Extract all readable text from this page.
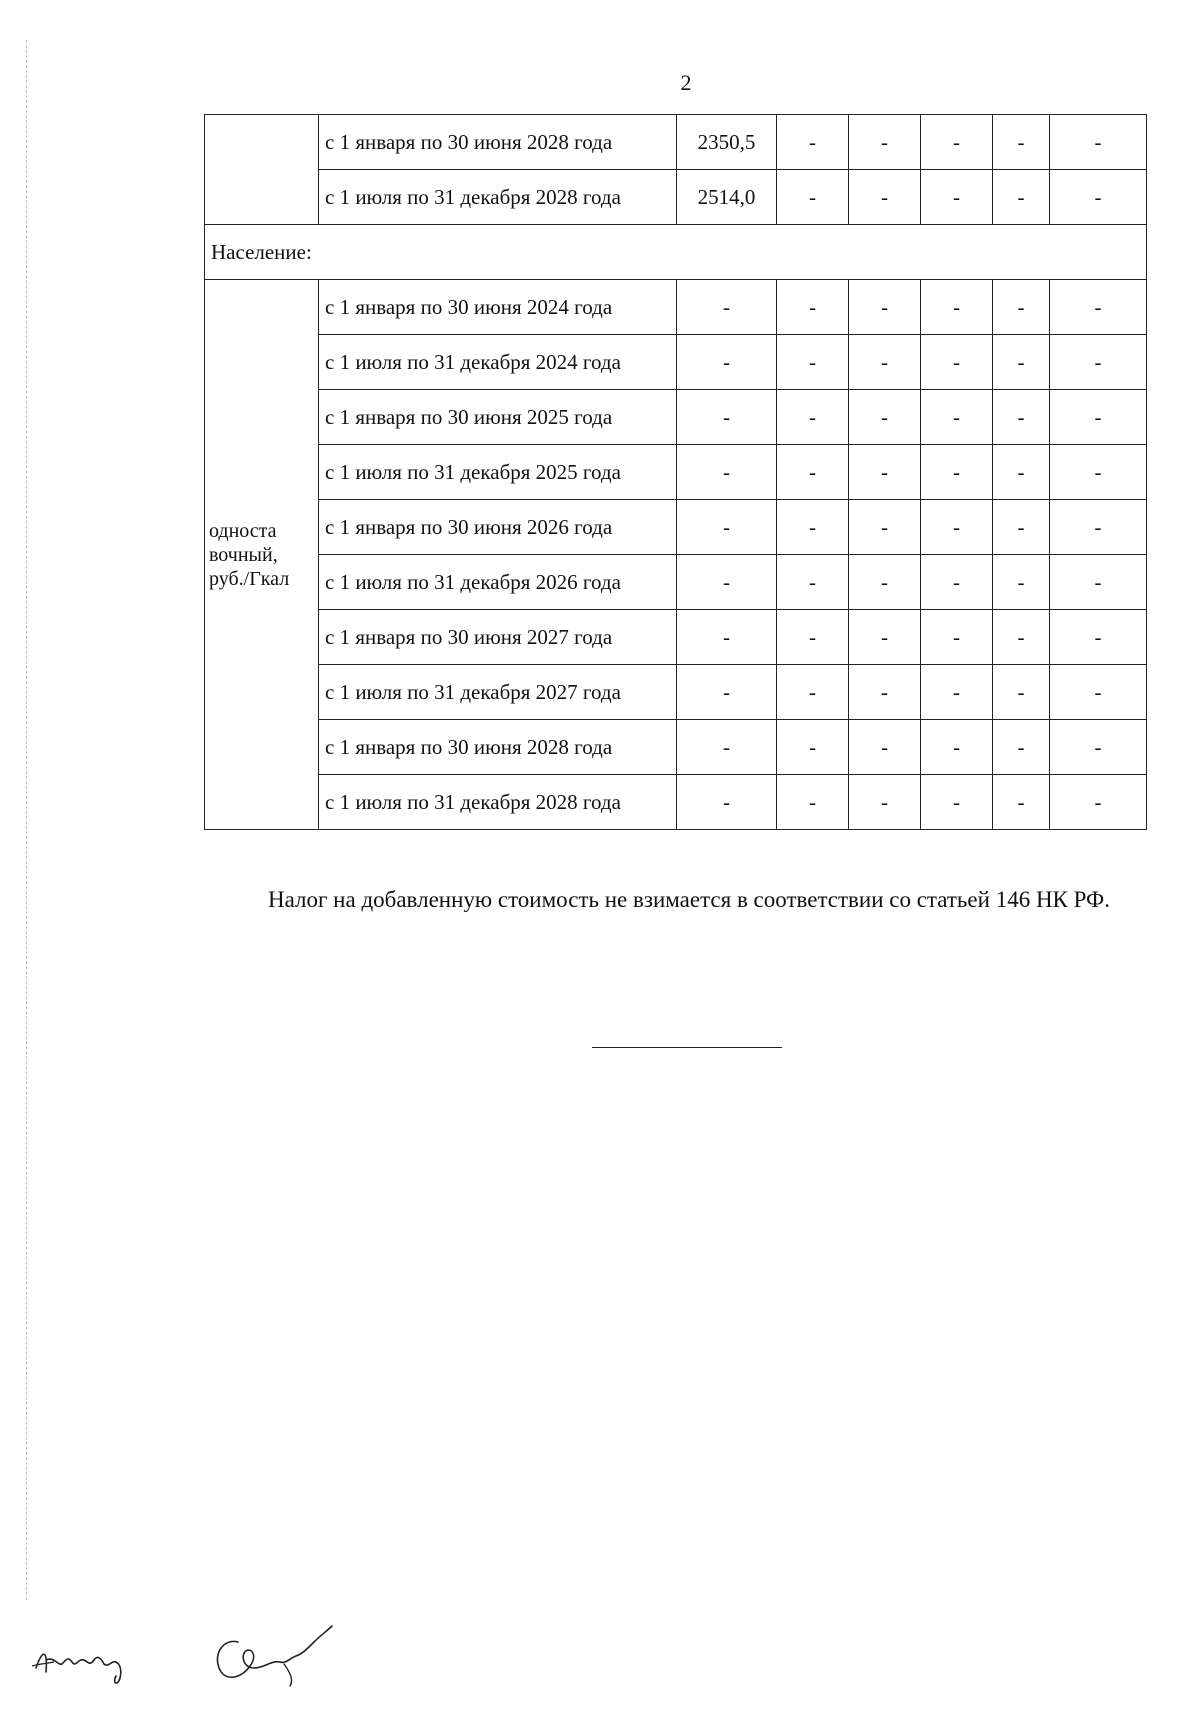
2
	с 1 января по 30 июня 2028 года	2350,5	-	-	-	-	-
	с 1 июля по 31 декабря 2028 года	2514,0	-	-	-	-	-
Население:							
односта вочный, руб./Гкал	с 1 января по 30 июня 2024 года	-	-	-	-	-	-
	с 1 июля по 31 декабря 2024 года	-	-	-	-	-	-
	с 1 января по 30 июня 2025 года	-	-	-	-	-	-
	с 1 июля по 31 декабря 2025 года	-	-	-	-	-	-
	с 1 января по 30 июня 2026 года	-	-	-	-	-	-
	с 1 июля по 31 декабря 2026 года	-	-	-	-	-	-
	с 1 января по 30 июня 2027 года	-	-	-	-	-	-
	с 1 июля по 31 декабря 2027 года	-	-	-	-	-	-
	с 1 января по 30 июня 2028 года	-	-	-	-	-	-
	с 1 июля по 31 декабря 2028 года	-	-	-	-	-	-
Налог на добавленную стоимость не взимается в соответствии со статьей 146 НК РФ.
